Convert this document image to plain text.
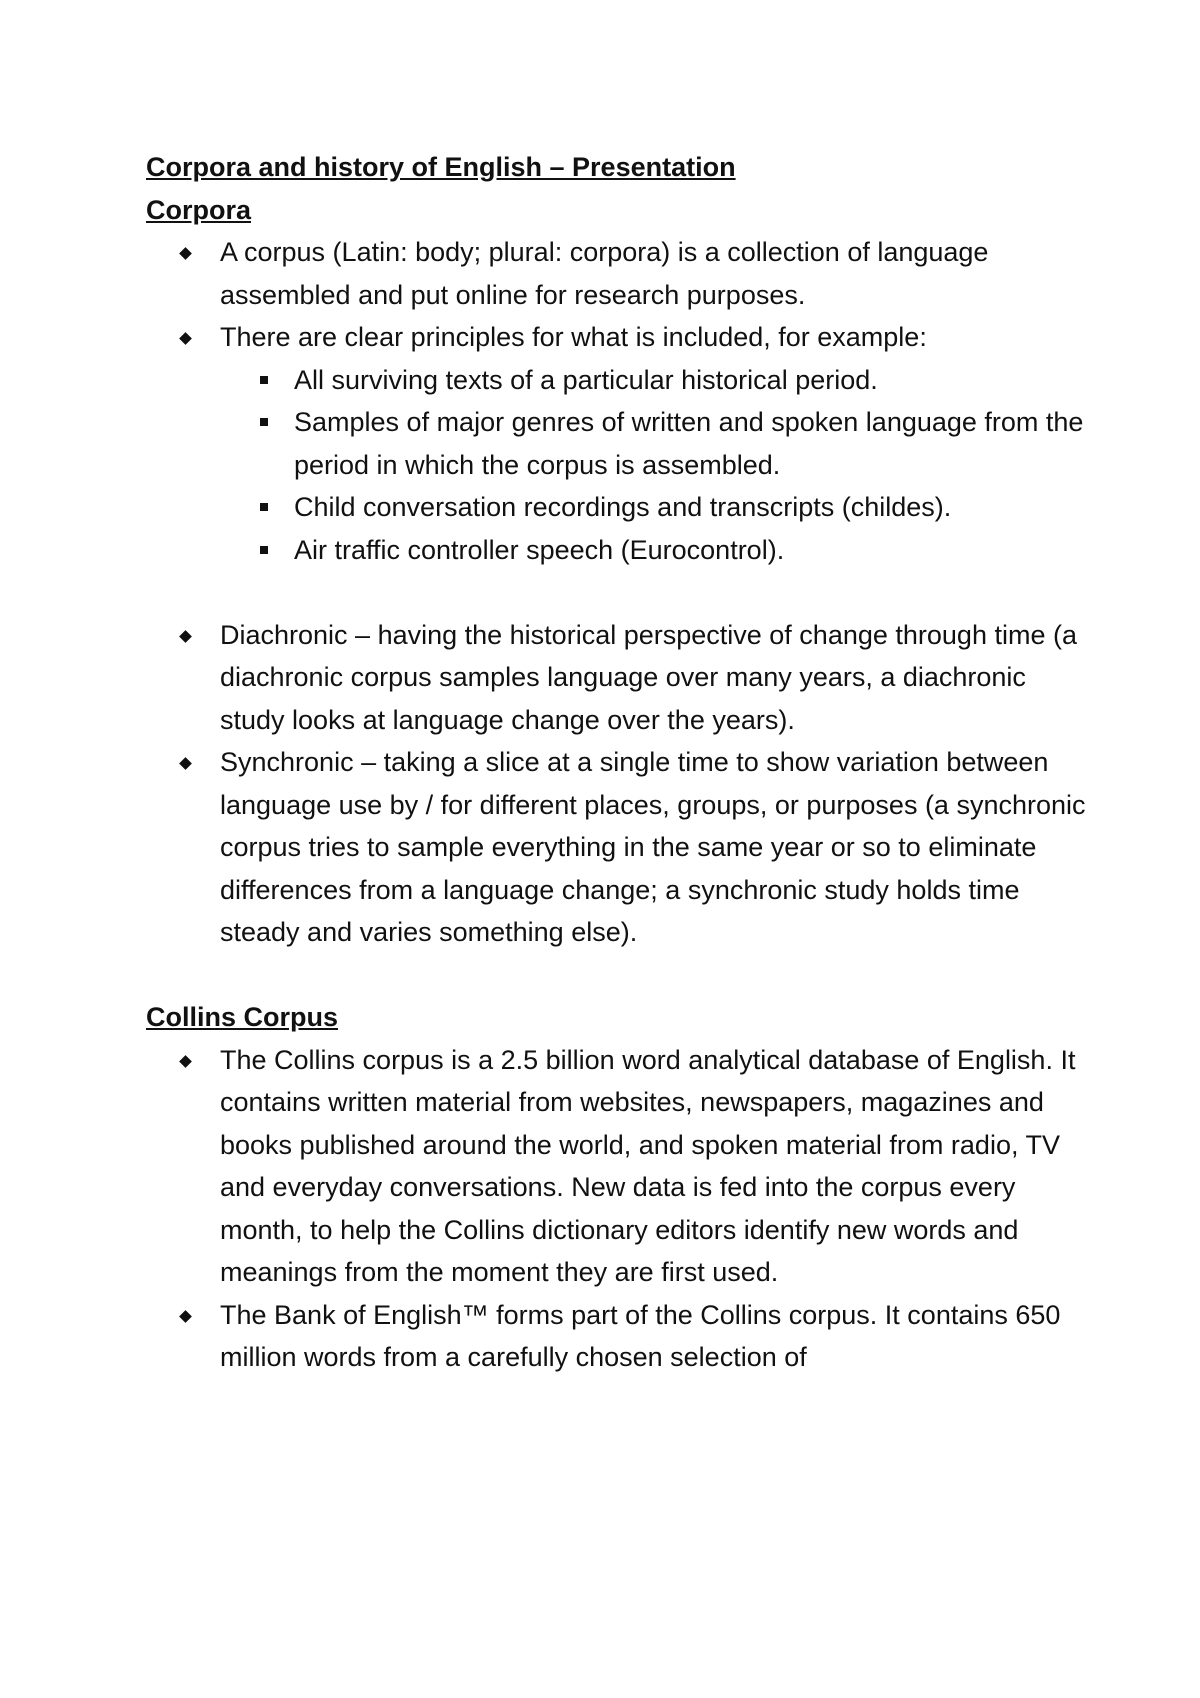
Corpora and history of English – Presentation

Corpora

A corpus (Latin: body; plural: corpora) is a collection of language assembled and put online for research purposes.
There are clear principles for what is included, for example:
All surviving texts of a particular historical period.
Samples of major genres of written and spoken language from the period in which the corpus is assembled.
Child conversation recordings and transcripts (childes).
Air traffic controller speech (Eurocontrol).
Diachronic – having the historical perspective of change through time (a diachronic corpus samples language over many years, a diachronic study looks at language change over the years).
Synchronic – taking a slice at a single time to show variation between language use by / for different places, groups, or purposes (a synchronic corpus tries to sample everything in the same year or so to eliminate differences from a language change; a synchronic study holds time steady and varies something else).

Collins Corpus

The Collins corpus is a 2.5 billion word analytical database of English. It contains written material from websites, newspapers, magazines and books published around the world, and spoken material from radio, TV and everyday conversations. New data is fed into the corpus every month, to help the Collins dictionary editors identify new words and meanings from the moment they are first used.
The Bank of English™ forms part of the Collins corpus. It contains 650 million words from a carefully chosen selection of
